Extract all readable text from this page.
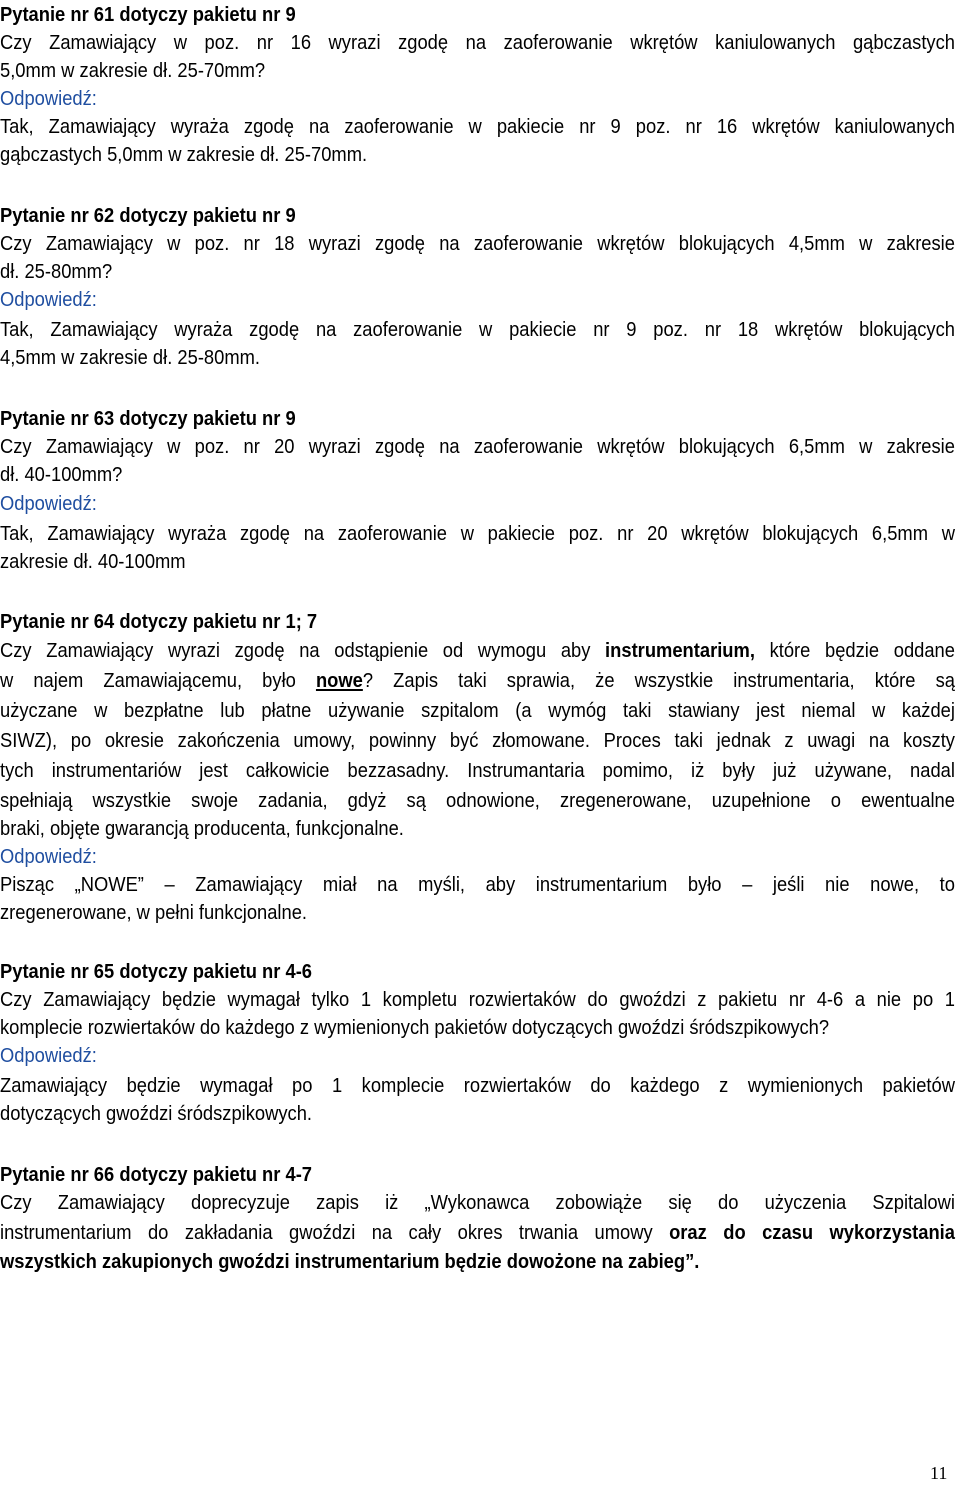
Pytanie nr 61 dotyczy pakietu nr 9
Czy Zamawiający w poz. nr 16 wyrazi zgodę na zaoferowanie wkrętów kaniulowanych gąbczastych
5,0mm w zakresie dł. 25-70mm?
Odpowiedź:
Tak, Zamawiający wyraża zgodę na zaoferowanie w pakiecie nr 9 poz. nr 16 wkrętów kaniulowanych
gąbczastych 5,0mm w zakresie dł. 25-70mm.
Pytanie nr 62 dotyczy pakietu nr 9
Czy Zamawiający w poz. nr 18 wyrazi zgodę na zaoferowanie wkrętów blokujących 4,5mm w zakresie
dł. 25-80mm?
Odpowiedź:
Tak, Zamawiający wyraża zgodę na zaoferowanie w pakiecie nr 9 poz. nr 18 wkrętów blokujących
4,5mm w zakresie dł. 25-80mm.
Pytanie nr 63 dotyczy pakietu nr 9
Czy Zamawiający w poz. nr 20 wyrazi zgodę na zaoferowanie wkrętów blokujących 6,5mm w zakresie
dł. 40-100mm?
Odpowiedź:
Tak, Zamawiający wyraża zgodę na zaoferowanie w pakiecie poz. nr 20 wkrętów blokujących 6,5mm w
zakresie dł. 40-100mm
Pytanie nr 64 dotyczy pakietu nr 1; 7
Czy Zamawiający wyrazi zgodę na odstąpienie od wymogu aby instrumentarium, które będzie oddane
w najem Zamawiającemu, było nowe? Zapis taki sprawia, że wszystkie instrumentaria, które są
użyczane w bezpłatne lub płatne używanie szpitalom (a wymóg taki stawiany jest niemal w każdej
SIWZ), po okresie zakończenia umowy, powinny być złomowane. Proces taki jednak z uwagi na koszty
tych instrumentariów jest całkowicie bezzasadny. Instrumantaria pomimo, iż były już używane, nadal
spełniają wszystkie swoje zadania, gdyż są odnowione, zregenerowane, uzupełnione o ewentualne
braki, objęte gwarancją producenta, funkcjonalne.
Odpowiedź:
Pisząc „NOWE” – Zamawiający miał na myśli, aby instrumentarium było – jeśli nie nowe, to
zregenerowane, w pełni funkcjonalne.
Pytanie nr 65 dotyczy pakietu nr 4-6
Czy Zamawiający będzie wymagał tylko 1 kompletu rozwiertaków do gwoździ z pakietu nr 4-6 a nie po 1
komplecie rozwiertaków do każdego z wymienionych pakietów dotyczących gwoździ śródszpikowych?
Odpowiedź:
Zamawiający będzie wymagał po 1 komplecie rozwiertaków do każdego z wymienionych pakietów
dotyczących gwoździ śródszpikowych.
Pytanie nr 66 dotyczy pakietu nr 4-7
Czy Zamawiający doprecyzuje zapis iż „Wykonawca zobowiąże się do użyczenia Szpitalowi
instrumentarium do zakładania gwoździ na cały okres trwania umowy oraz do czasu wykorzystania
wszystkich zakupionych gwoździ instrumentarium będzie dowożone na zabieg”.
11
